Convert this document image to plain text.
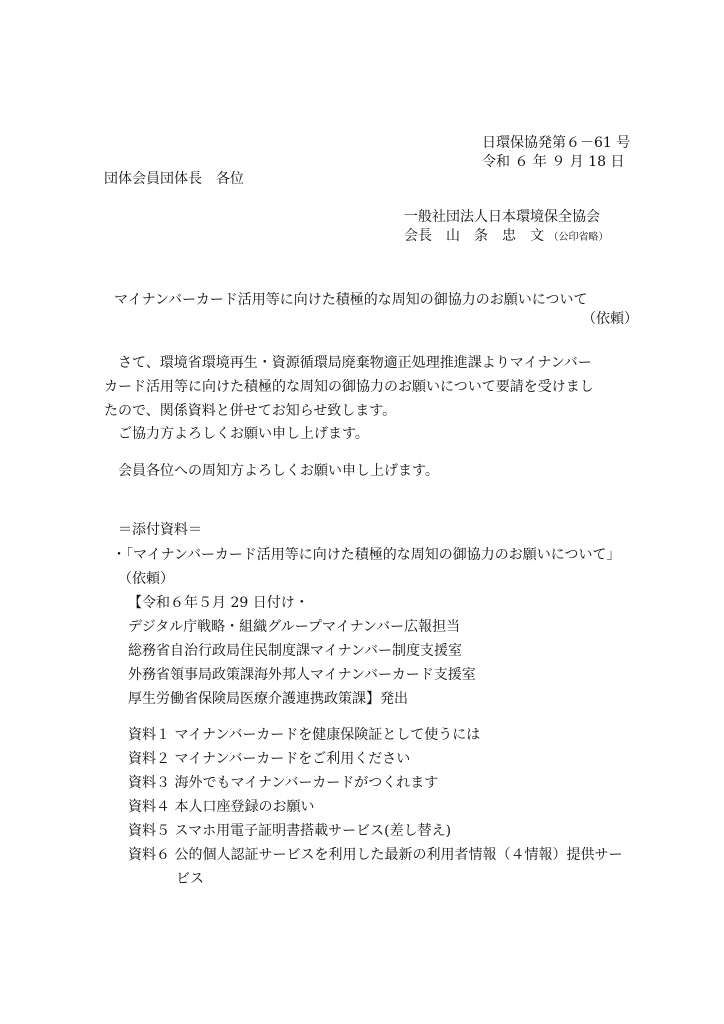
日環保協発第６－61 号
令和 ６ 年 ９ 月 18 日
団体会員団体長　各位
一般社団法人日本環境保全協会
会長　山　条　忠　文 （公印省略）
マイナンバーカード活用等に向けた積極的な周知の御協力のお願いについて
（依頼）
さて、環境省環境再生・資源循環局廃棄物適正処理推進課よりマイナンバー
カード活用等に向けた積極的な周知の御協力のお願いについて要請を受けまし
たので、関係資料と併せてお知らせ致します。
ご協力方よろしくお願い申し上げます。
会員各位への周知方よろしくお願い申し上げます。
＝添付資料＝
・「マイナンバーカード活用等に向けた積極的な周知の御協力のお願いについて」
（依頼）
【令和６年５月 29 日付け・
デジタル庁戦略・組織グループマイナンバー広報担当
総務省自治行政局住民制度課マイナンバー制度支援室
外務省領事局政策課海外邦人マイナンバーカード支援室
厚生労働省保険局医療介護連携政策課】発出
資料１ マイナンバーカードを健康保険証として使うには
資料２ マイナンバーカードをご利用ください
資料３ 海外でもマイナンバーカードがつくれます
資料４ 本人口座登録のお願い
資料５ スマホ用電子証明書搭載サービス(差し替え)
資料６ 公的個人認証サービスを利用した最新の利用者情報（４情報）提供サー
ビス
